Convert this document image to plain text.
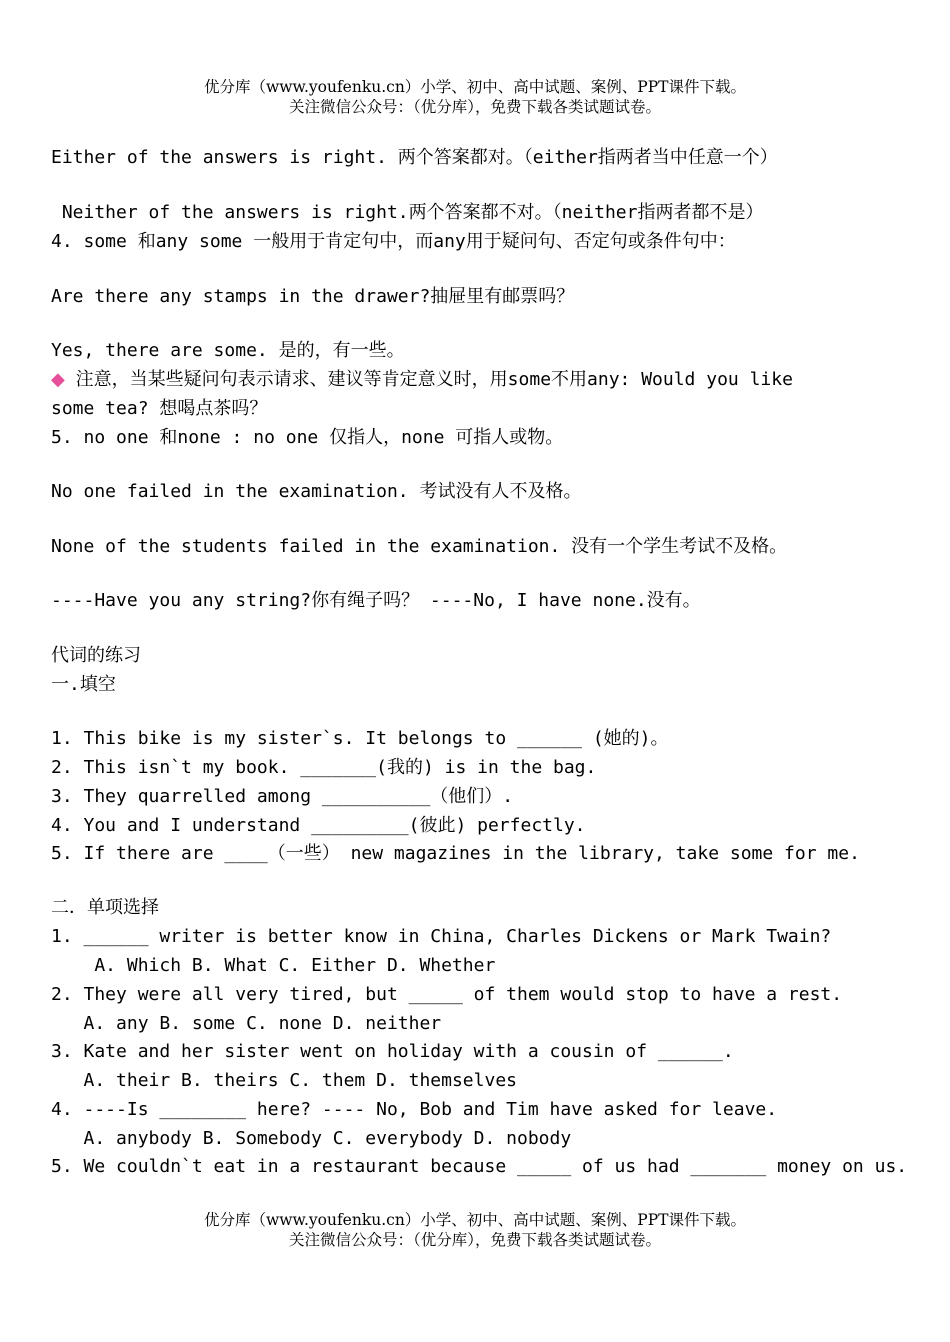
优分库（www.youfenku.cn）小学、初中、高中试题、案例、PPT课件下载。
关注微信公众号：（优分库），免费下载各类试题试卷。
Either of the answers is right. 两个答案都对。（either指两者当中任意一个）
Neither of the answers is right.两个答案都不对。（neither指两者都不是）
4. some 和any some 一般用于肯定句中，而any用于疑问句、否定句或条件句中：
Are there any stamps in the drawer?抽屉里有邮票吗？
Yes, there are some. 是的，有一些。
◆ 注意，当某些疑问句表示请求、建议等肯定意义时，用some不用any: Would you like
some tea? 想喝点茶吗？
5. no one 和none : no one 仅指人，none 可指人或物。
No one failed in the examination. 考试没有人不及格。
None of the students failed in the examination. 没有一个学生考试不及格。
----Have you any string?你有绳子吗？ ----No, I have none.没有。
代词的练习
一.填空
1. This bike is my sister`s. It belongs to ______ (她的)。
2. This isn`t my book. _______(我的) is in the bag.
3. They quarrelled among __________（他们）.
4. You and I understand _________(彼此) perfectly.
5. If there are ____（一些） new magazines in the library, take some for me.
二．单项选择
1. ______ writer is better know in China, Charles Dickens or Mark Twain?
A. Which B. What C. Either D. Whether
2. They were all very tired, but _____ of them would stop to have a rest.
A. any B. some C. none D. neither
3. Kate and her sister went on holiday with a cousin of ______.
A. their B. theirs C. them D. themselves
4. ----Is ________ here? ---- No, Bob and Tim have asked for leave.
A. anybody B. Somebody C. everybody D. nobody
5. We couldn`t eat in a restaurant because _____ of us had _______ money on us.
优分库（www.youfenku.cn）小学、初中、高中试题、案例、PPT课件下载。
关注微信公众号：（优分库），免费下载各类试题试卷。
